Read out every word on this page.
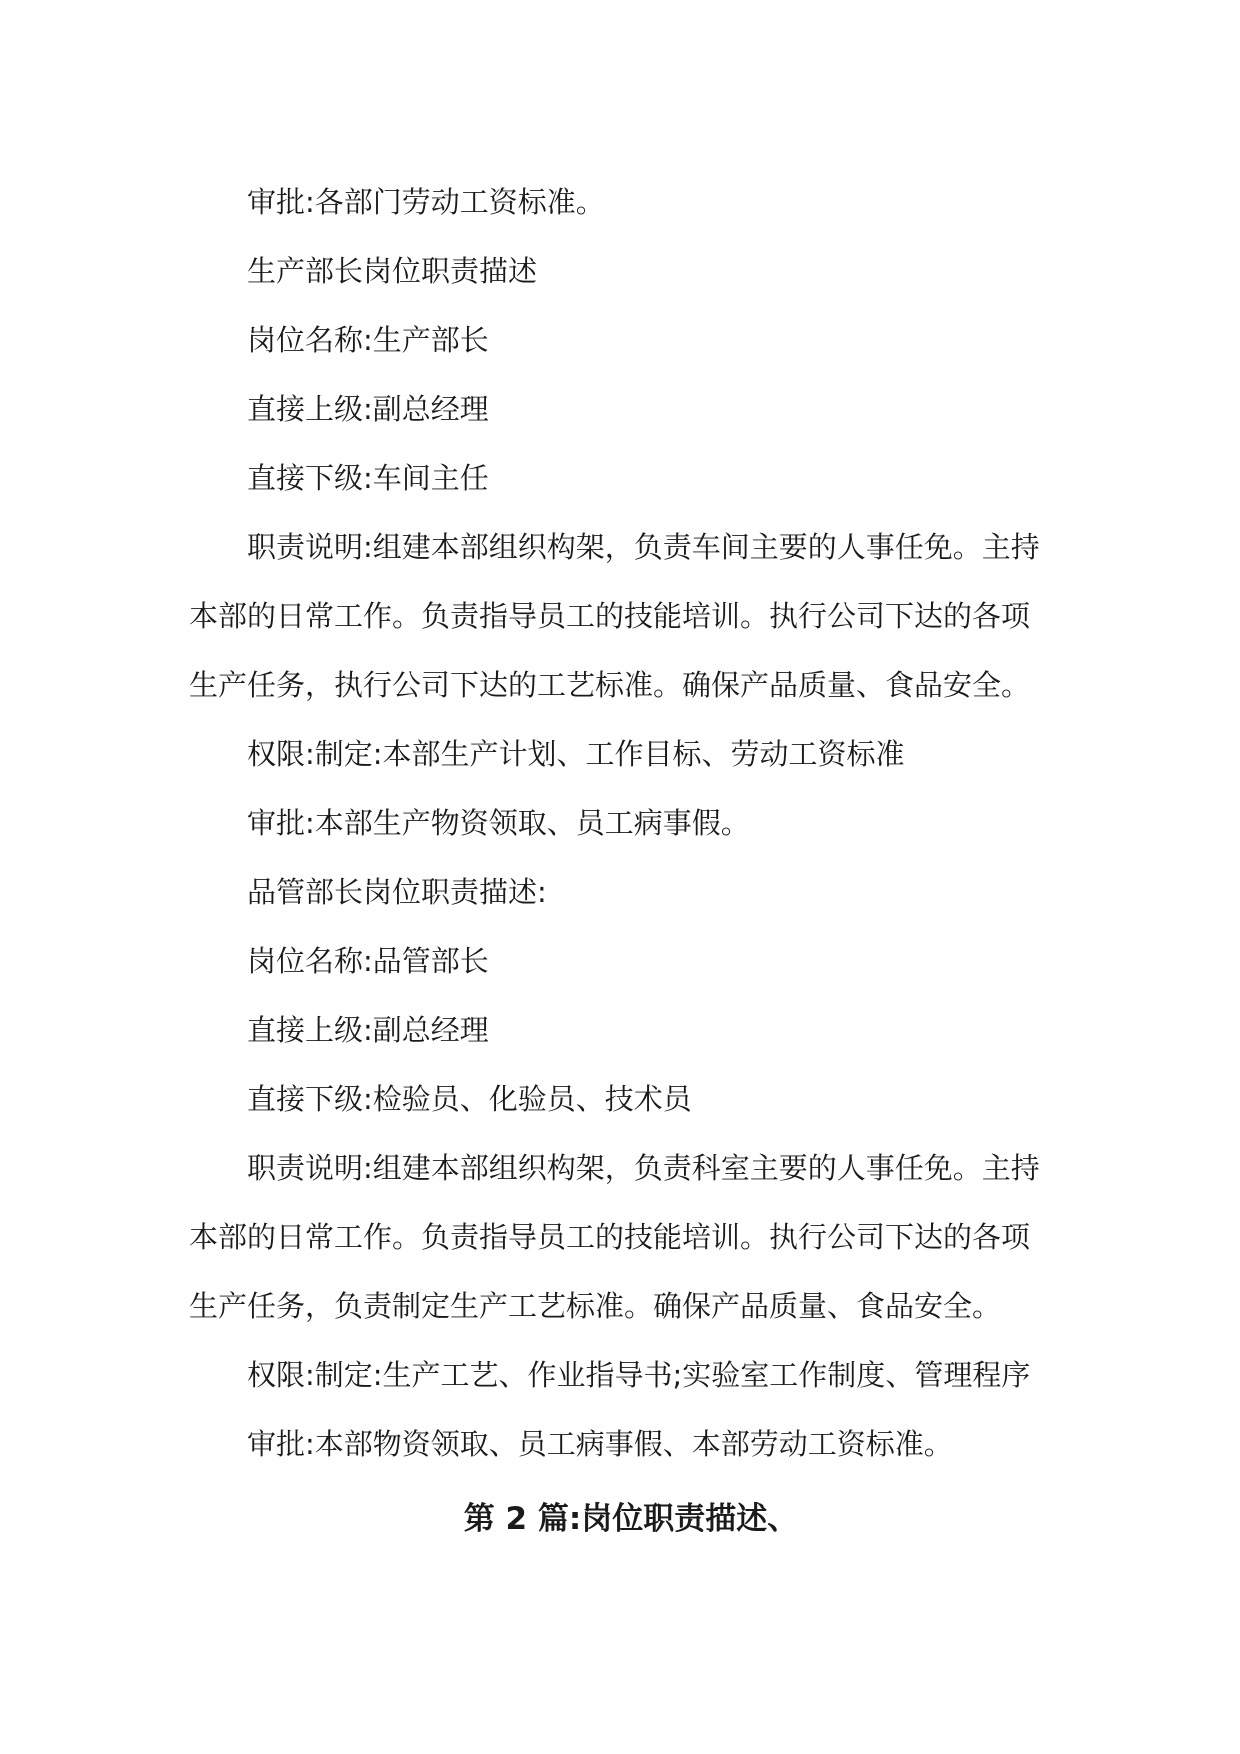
审批:各部门劳动工资标准。

生产部长岗位职责描述

岗位名称:生产部长

直接上级:副总经理

直接下级:车间主任

职责说明:组建本部组织构架，负责车间主要的人事任免。主持本部的日常工作。负责指导员工的技能培训。执行公司下达的各项生产任务，执行公司下达的工艺标准。确保产品质量、食品安全。

权限:制定:本部生产计划、工作目标、劳动工资标准

审批:本部生产物资领取、员工病事假。

品管部长岗位职责描述:

岗位名称:品管部长

直接上级:副总经理

直接下级:检验员、化验员、技术员

职责说明:组建本部组织构架，负责科室主要的人事任免。主持本部的日常工作。负责指导员工的技能培训。执行公司下达的各项生产任务，负责制定生产工艺标准。确保产品质量、食品安全。

权限:制定:生产工艺、作业指导书;实验室工作制度、管理程序

审批:本部物资领取、员工病事假、本部劳动工资标准。

第 2 篇:岗位职责描述、
